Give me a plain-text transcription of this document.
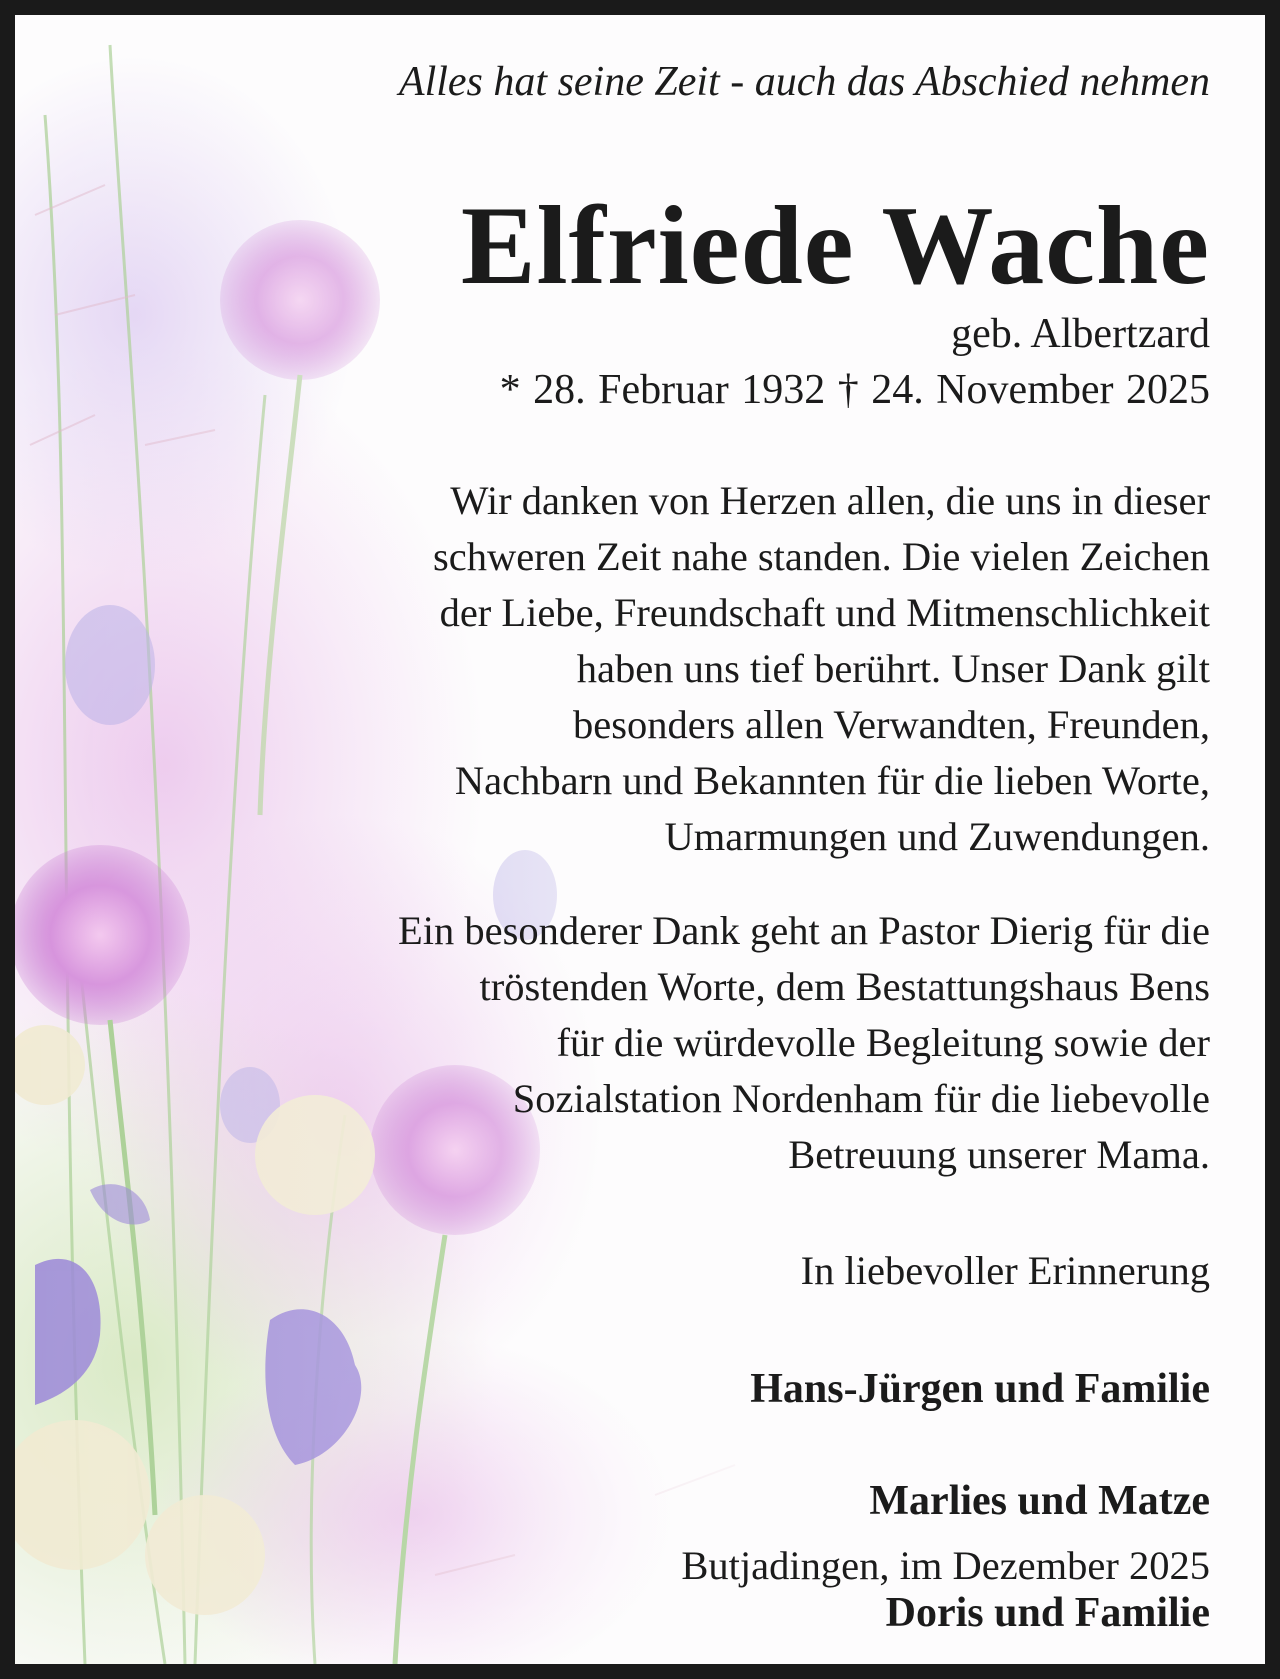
Alles hat seine Zeit - auch das Abschied nehmen
Elfriede Wache
geb. Albertzard
* 28. Februar 1932 † 24. November 2025
Wir danken von Herzen allen, die uns in dieser
schweren Zeit nahe standen. Die vielen Zeichen
der Liebe, Freundschaft und Mitmenschlichkeit
haben uns tief berührt. Unser Dank gilt
besonders allen Verwandten, Freunden,
Nachbarn und Bekannten für die lieben Worte,
Umarmungen und Zuwendungen.
Ein besonderer Dank geht an Pastor Dierig für die
tröstenden Worte, dem Bestattungshaus Bens
für die würdevolle Begleitung sowie der
Sozialstation Nordenham für die liebevolle
Betreuung unserer Mama.
In liebevoller Erinnerung

Hans-Jürgen und Familie

Marlies und Matze

Doris und Familie

Butjadingen, im Dezember 2025
